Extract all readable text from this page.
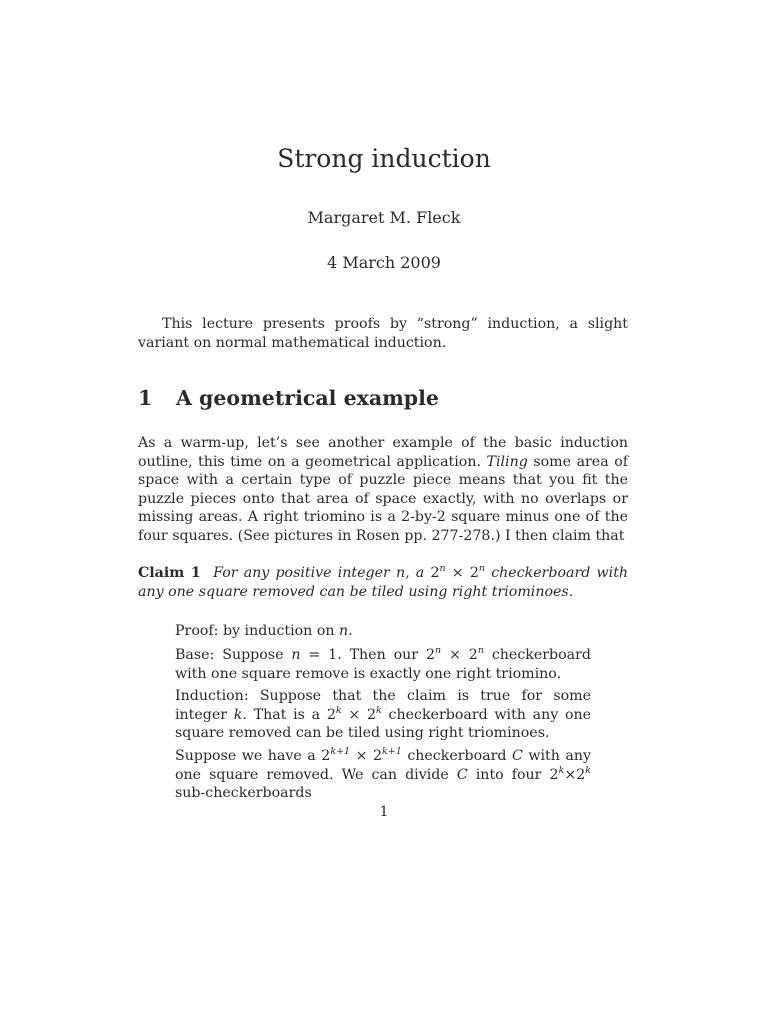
Strong induction
Margaret M. Fleck
4 March 2009
This lecture presents proofs by “strong” induction, a slight variant on normal mathematical induction.
1 A geometrical example
As a warm-up, let’s see another example of the basic induction outline, this time on a geometrical application. Tiling some area of space with a certain type of puzzle piece means that you fit the puzzle pieces onto that area of space exactly, with no overlaps or missing areas. A right triomino is a 2-by-2 square minus one of the four squares. (See pictures in Rosen pp. 277-278.) I then claim that
Claim 1 For any positive integer n, a $2^n \times 2^n$ checkerboard with any one square removed can be tiled using right triominoes.
Proof: by induction on n.
Base: Suppose n = 1. Then our $2^n \times 2^n$ checkerboard with one square remove is exactly one right triomino.
Induction: Suppose that the claim is true for some integer k. That is a $2^k \times 2^k$ checkerboard with any one square removed can be tiled using right triominoes.
Suppose we have a $2^{k+1} \times 2^{k+1}$ checkerboard C with any one square removed. We can divide C into four $2^k\times 2^k$ sub-checkerboards
1
